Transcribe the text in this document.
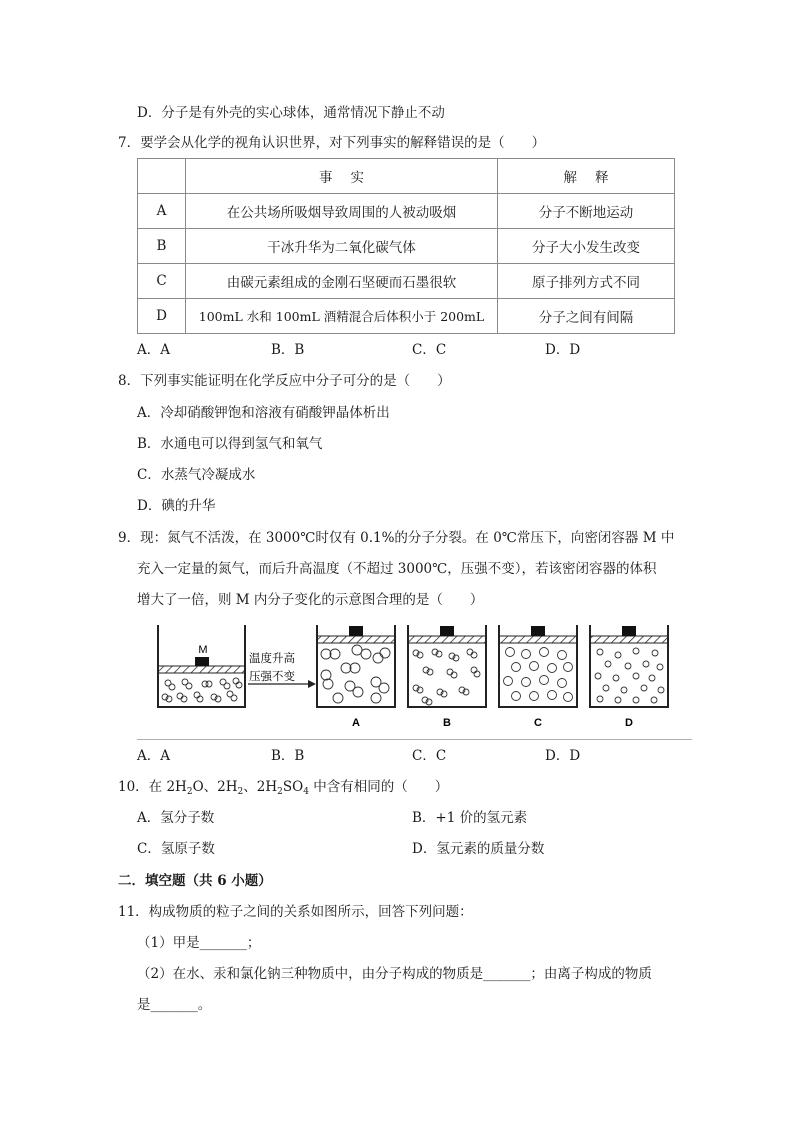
D．分子是有外壳的实心球体，通常情况下静止不动
7．要学会从化学的视角认识世界，对下列事实的解释错误的是（　　）
	事实	解释
A	在公共场所吸烟导致周围的人被动吸烟	分子不断地运动
B	干冰升华为二氧化碳气体	分子大小发生改变
C	由碳元素组成的金刚石坚硬而石墨很软	原子排列方式不同
D	100mL 水和 100mL 酒精混合后体积小于 200mL	分子之间有间隔
A．A	B．B	C．C	D．D
8．下列事实能证明在化学反应中分子可分的是（　　）
A．冷却硝酸钾饱和溶液有硝酸钾晶体析出
B．水通电可以得到氢气和氧气
C．水蒸气冷凝成水
D．碘的升华
9．现：氮气不活泼，在 3000℃时仅有 0.1%的分子分裂。在 0℃常压下，向密闭容器 M 中
充入一定量的氮气，而后升高温度（不超过 3000℃，压强不变），若该密闭容器的体积
增大了一倍，则 M 内分子变化的示意图合理的是（　　）
M
温度升高
压强不变
A	B	C	D
A．A	B．B	C．C	D．D
10．在 $2H_2O$、$2H_2$、$2H_2SO_4$ 中含有相同的（　　）
A．氢分子数	B．+1 价的氢元素
C．氢原子数	D．氢元素的质量分数
二．填空题（共 6 小题）
11．构成物质的粒子之间的关系如图所示，回答下列问题：
（1）甲是_______；
（2）在水、汞和氯化钠三种物质中，由分子构成的物质是_______；由离子构成的物质
是_______。
